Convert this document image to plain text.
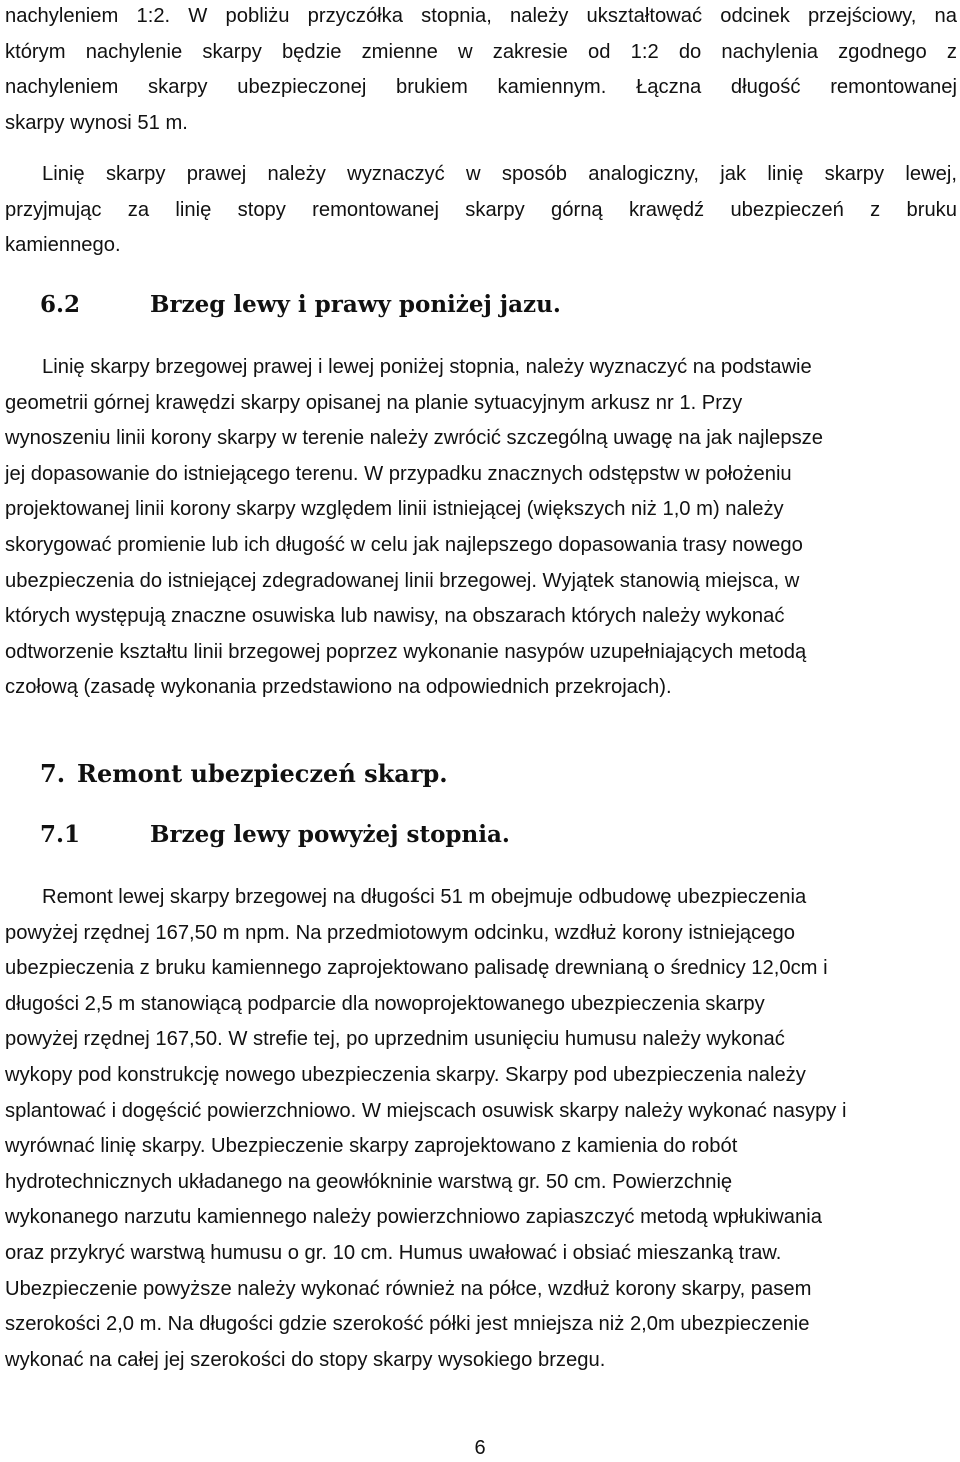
nachyleniem 1:2. W pobliżu przyczółka stopnia, należy ukształtować odcinek przejściowy, na
którym nachylenie skarpy będzie zmienne w zakresie od 1:2 do nachylenia zgodnego z
nachyleniem skarpy ubezpieczonej brukiem kamiennym. Łączna długość remontowanej
skarpy wynosi 51 m.
Linię skarpy prawej należy wyznaczyć w sposób analogiczny, jak linię skarpy lewej,
przyjmując za linię stopy remontowanej skarpy górną krawędź ubezpieczeń z bruku
kamiennego.
6.2	Brzeg lewy i prawy poniżej jazu.
Linię skarpy brzegowej prawej i lewej poniżej stopnia, należy wyznaczyć na podstawie
geometrii górnej krawędzi skarpy opisanej na planie sytuacyjnym arkusz nr 1. Przy
wynoszeniu linii korony skarpy w terenie należy zwrócić szczególną uwagę na jak najlepsze
jej dopasowanie do istniejącego terenu. W przypadku znacznych odstępstw w położeniu
projektowanej linii korony skarpy względem linii istniejącej (większych niż 1,0 m) należy
skorygować promienie lub ich długość w celu jak najlepszego dopasowania trasy nowego
ubezpieczenia do istniejącej zdegradowanej linii brzegowej. Wyjątek stanowią miejsca, w
których występują znaczne osuwiska lub nawisy, na obszarach których należy wykonać
odtworzenie kształtu linii brzegowej poprzez wykonanie nasypów uzupełniających metodą
czołową (zasadę wykonania przedstawiono na odpowiednich przekrojach).
7. Remont ubezpieczeń skarp.
7.1	Brzeg lewy powyżej stopnia.
Remont lewej skarpy brzegowej na długości 51 m obejmuje odbudowę ubezpieczenia
powyżej rzędnej 167,50 m npm. Na przedmiotowym odcinku, wzdłuż korony istniejącego
ubezpieczenia z bruku kamiennego zaprojektowano palisadę drewnianą o średnicy 12,0cm i
długości 2,5 m stanowiącą podparcie dla nowoprojektowanego ubezpieczenia skarpy
powyżej rzędnej 167,50. W strefie tej, po uprzednim usunięciu humusu należy wykonać
wykopy pod konstrukcję nowego ubezpieczenia skarpy. Skarpy pod ubezpieczenia należy
splantować i dogęścić powierzchniowo. W miejscach osuwisk skarpy należy wykonać nasypy i
wyrównać linię skarpy. Ubezpieczenie skarpy zaprojektowano z kamienia do robót
hydrotechnicznych układanego na geowłókninie warstwą gr. 50 cm. Powierzchnię
wykonanego narzutu kamiennego należy powierzchniowo zapiaszczyć metodą wpłukiwania
oraz przykryć warstwą humusu o gr. 10 cm. Humus uwałować i obsiać mieszanką traw.
Ubezpieczenie powyższe należy wykonać również na półce, wzdłuż korony skarpy, pasem
szerokości 2,0 m. Na długości gdzie szerokość półki jest mniejsza niż 2,0m ubezpieczenie
wykonać na całej jej szerokości do stopy skarpy wysokiego brzegu.

6
